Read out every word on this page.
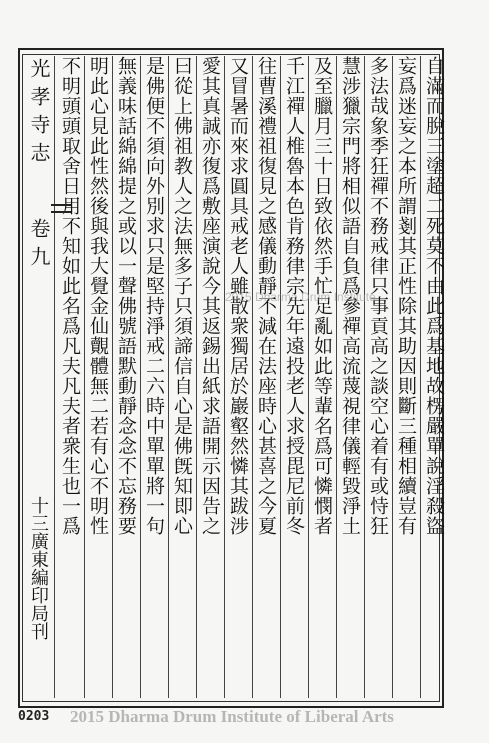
自滿而脫三塗超二死莫不由此爲基地故楞嚴單說淫殺盜
妄爲迷妄之本所謂剗其正性除其助因則斷三種相續豈有
多法哉象季狂禪不務戒律只事貢高之談空心着有或恃狂
慧涉獵宗門將相似語自負爲參禪高流蔑視律儀輕毀淨土
及至臘月三十日致依然手忙足亂如此等輩名爲可憐憫者
千江禪人椎魯本色肯務律宗先年遠投老人求授毘尼前冬
往曹溪禮祖復見之感儀動靜不減在法座時心甚喜之今夏
又冒暑而來求圓具戒老人雖散衆獨居於巖壑然憐其跋涉
愛其真誠亦復爲敷座演說今其返錫出紙求語開示因告之
曰從上佛祖教人之法無多子只須諦信自心是佛旣知即心
是佛便不須向外別求只是堅持淨戒二六時中單單將一句
無義味話綿綿提之或以一聲佛號語默動靜念念不忘務要
明此心見此性然後與我大覺金仙覿體無二若有心不明性
不明頭頭取舍日用不知如此名爲凡夫凡夫者衆生也一爲
光孝寺志
卷九
十三廣東編印局刊
2015 Dharma Drum Institute
0203 2015 Dharma Drum Institute of Liberal Arts
